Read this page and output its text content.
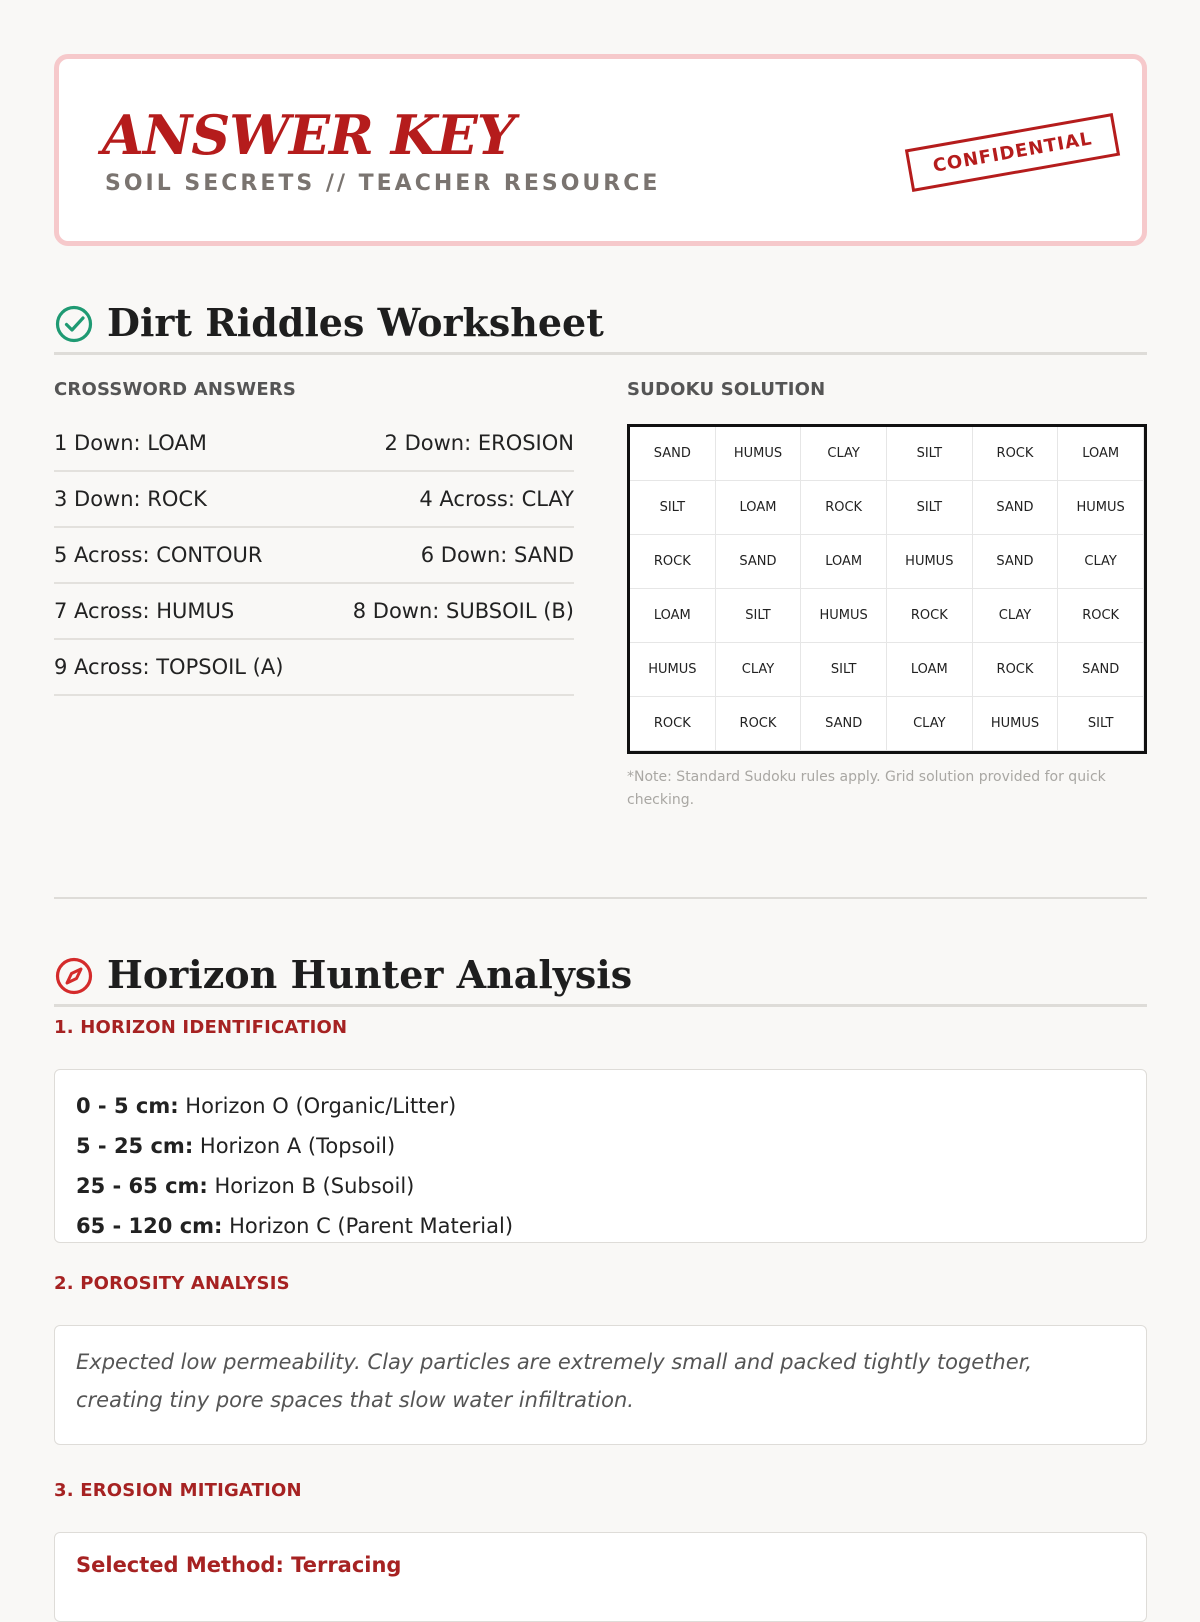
ANSWER KEY
SOIL SECRETS // TEACHER RESOURCE
CONFIDENTIAL
Dirt Riddles Worksheet
CROSSWORD ANSWERS	SUDOKU SOLUTION
1 Down: LOAM	2 Down: EROSION
3 Down: ROCK	4 Across: CLAY
5 Across: CONTOUR	6 Down: SAND
7 Across: HUMUS	8 Down: SUBSOIL (B)
9 Across: TOPSOIL (A)
SAND	HUMUS	CLAY	SILT	ROCK	LOAM
SILT	LOAM	ROCK	SILT	SAND	HUMUS
ROCK	SAND	LOAM	HUMUS	SAND	CLAY
LOAM	SILT	HUMUS	ROCK	CLAY	ROCK
HUMUS	CLAY	SILT	LOAM	ROCK	SAND
ROCK	ROCK	SAND	CLAY	HUMUS	SILT
*Note: Standard Sudoku rules apply. Grid solution provided for quick checking.
Horizon Hunter Analysis
1. HORIZON IDENTIFICATION
0 - 5 cm: Horizon O (Organic/Litter)
5 - 25 cm: Horizon A (Topsoil)
25 - 65 cm: Horizon B (Subsoil)
65 - 120 cm: Horizon C (Parent Material)
2. POROSITY ANALYSIS
Expected low permeability. Clay particles are extremely small and packed tightly together, creating tiny pore spaces that slow water infiltration.
3. EROSION MITIGATION
Selected Method: Terracing
